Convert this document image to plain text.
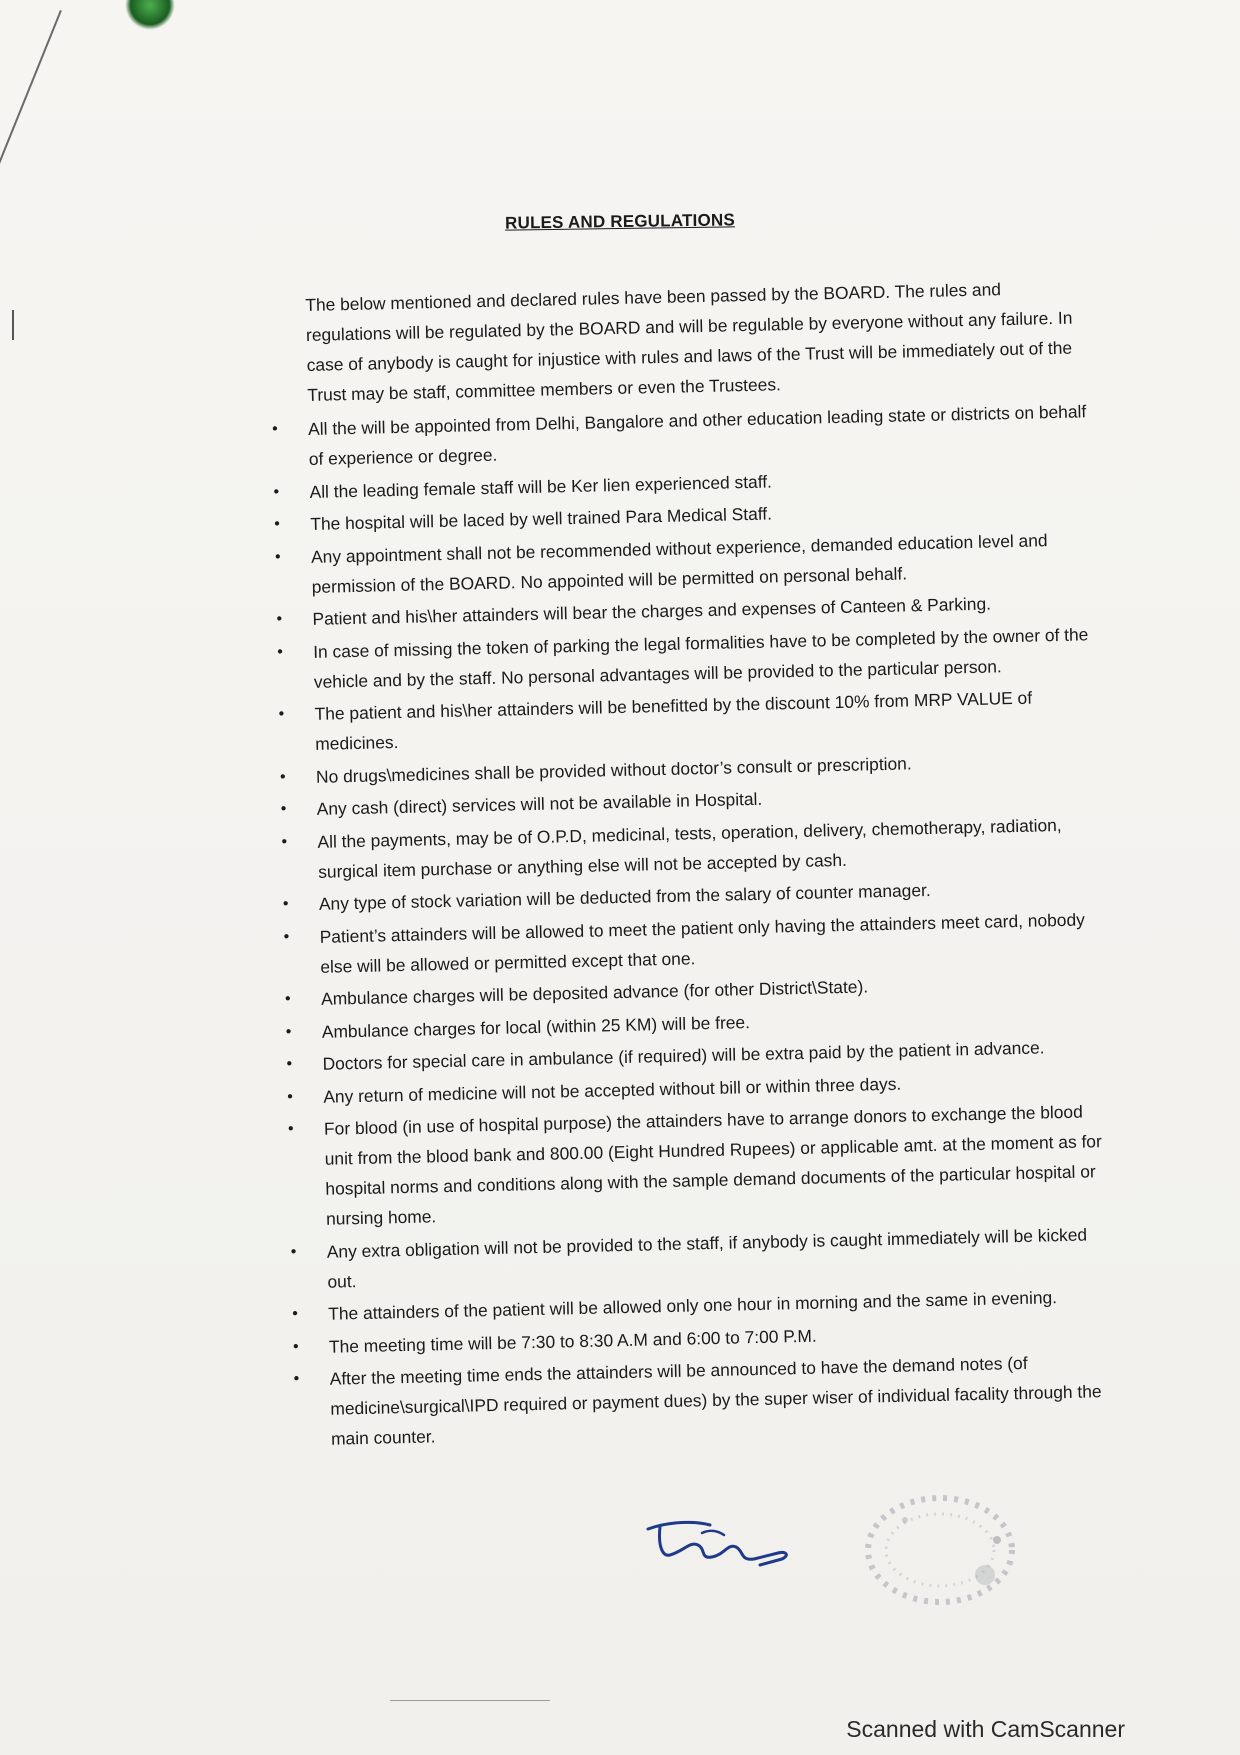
RULES AND REGULATIONS

The below mentioned and declared rules have been passed by the BOARD. The rules and regulations will be regulated by the BOARD and will be regulable by everyone without any failure. In case of anybody is caught for injustice with rules and laws of the Trust will be immediately out of the Trust may be staff, committee members or even the Trustees.

• All the will be appointed from Delhi, Bangalore and other education leading state or districts on behalf of experience or degree.
• All the leading female staff will be Ker lien experienced staff.
• The hospital will be laced by well trained Para Medical Staff.
• Any appointment shall not be recommended without experience, demanded education level and permission of the BOARD. No appointed will be permitted on personal behalf.
• Patient and his\her attainders will bear the charges and expenses of Canteen & Parking.
• In case of missing the token of parking the legal formalities have to be completed by the owner of the vehicle and by the staff. No personal advantages will be provided to the particular person.
• The patient and his\her attainders will be benefitted by the discount 10% from MRP VALUE of medicines.
• No drugs\medicines shall be provided without doctor’s consult or prescription.
• Any cash (direct) services will not be available in Hospital.
• All the payments, may be of O.P.D, medicinal, tests, operation, delivery, chemotherapy, radiation, surgical item purchase or anything else will not be accepted by cash.
• Any type of stock variation will be deducted from the salary of counter manager.
• Patient’s attainders will be allowed to meet the patient only having the attainders meet card, nobody else will be allowed or permitted except that one.
• Ambulance charges will be deposited advance (for other District\State).
• Ambulance charges for local (within 25 KM) will be free.
• Doctors for special care in ambulance (if required) will be extra paid by the patient in advance.
• Any return of medicine will not be accepted without bill or within three days.
• For blood (in use of hospital purpose) the attainders have to arrange donors to exchange the blood unit from the blood bank and 800.00 (Eight Hundred Rupees) or applicable amt. at the moment as for hospital norms and conditions along with the sample demand documents of the particular hospital or nursing home.
• Any extra obligation will not be provided to the staff, if anybody is caught immediately will be kicked out.
• The attainders of the patient will be allowed only one hour in morning and the same in evening.
• The meeting time will be 7:30 to 8:30 A.M and 6:00 to 7:00 P.M.
• After the meeting time ends the attainders will be announced to have the demand notes (of medicine\surgical\IPD required or payment dues) by the super wiser of individual facality through the main counter.
Scanned with CamScanner
